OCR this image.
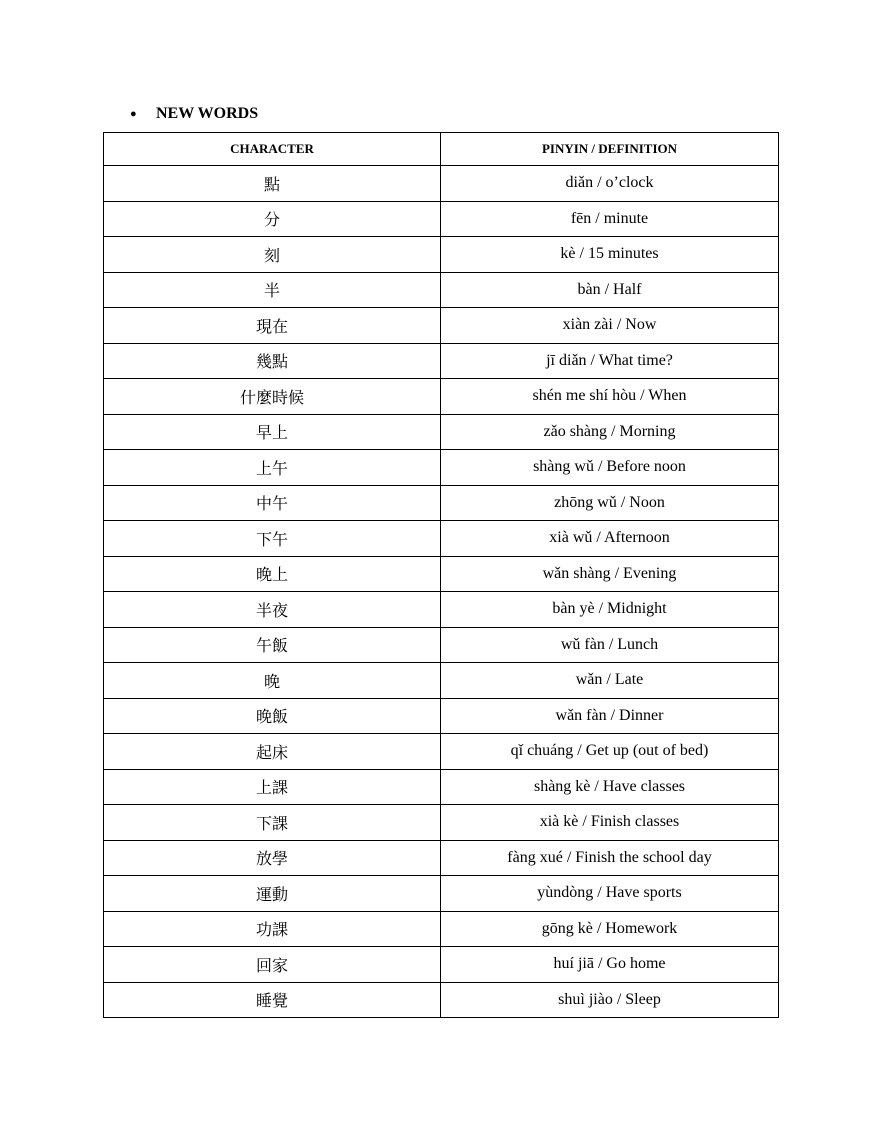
●	NEW WORDS
CHARACTER	PINYIN / DEFINITION
點	diǎn / o’clock
分	fēn / minute
刻	kè / 15 minutes
半	bàn / Half
現在	xiàn zài / Now
幾點	jī diǎn / What time?
什麼時候	shén me shí hòu / When
早上	zǎo shàng / Morning
上午	shàng wǔ / Before noon
中午	zhōng wǔ / Noon
下午	xià wǔ / Afternoon
晚上	wǎn shàng / Evening
半夜	bàn yè / Midnight
午飯	wǔ fàn / Lunch
晚	wǎn / Late
晚飯	wǎn fàn / Dinner
起床	qǐ chuáng / Get up (out of bed)
上課	shàng kè / Have classes
下課	xià kè / Finish classes
放學	fàng xué / Finish the school day
運動	yùndòng / Have sports
功課	gōng kè / Homework
回家	huí jiā / Go home
睡覺	shuì jiào / Sleep
